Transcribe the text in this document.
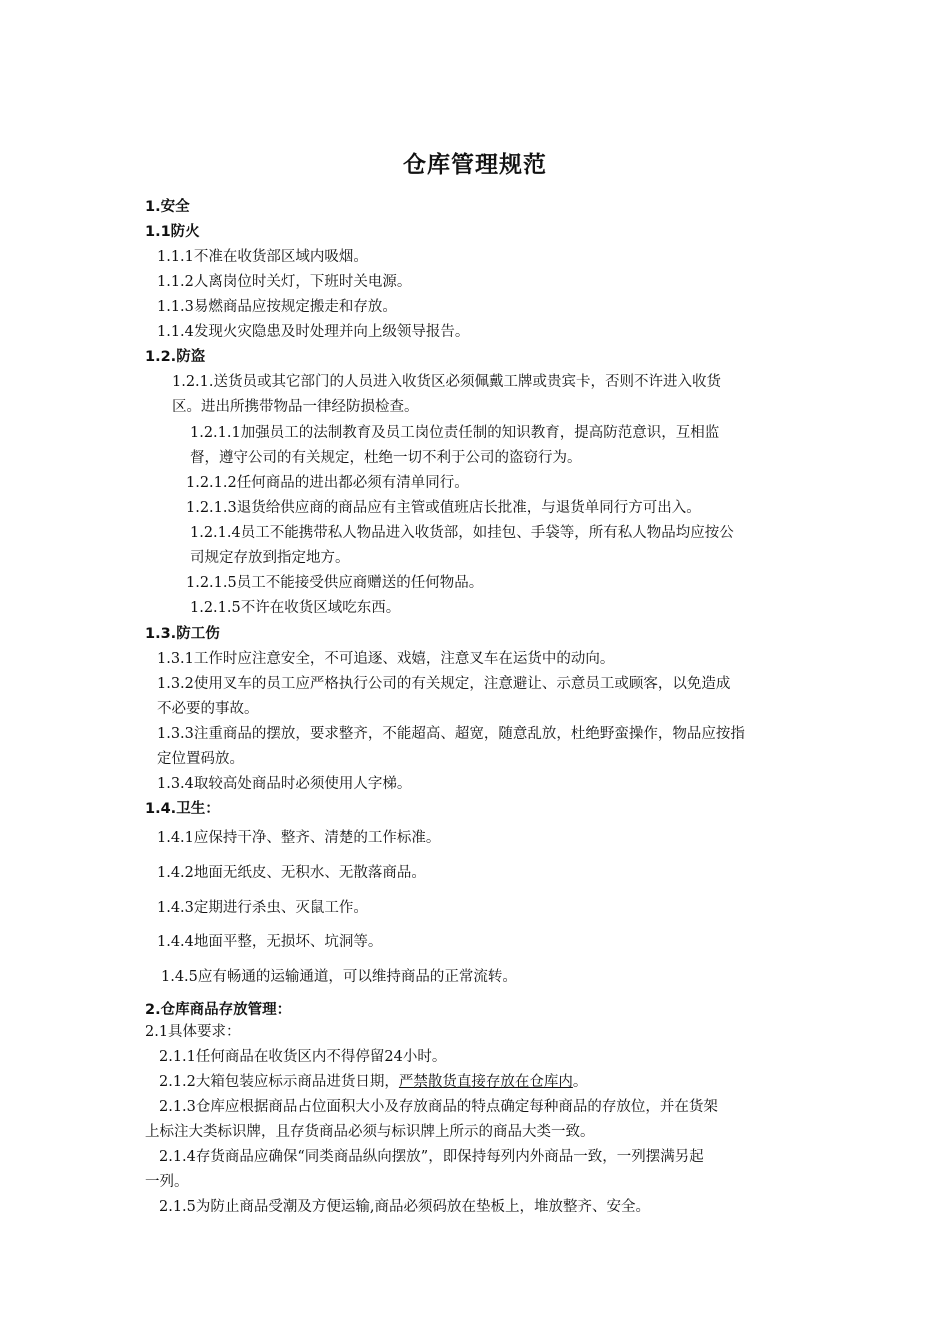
仓库管理规范
1.安全
1.1防火
1.1.1不准在收货部区域内吸烟。
1.1.2人离岗位时关灯，下班时关电源。
1.1.3易燃商品应按规定搬走和存放。
1.1.4发现火灾隐患及时处理并向上级领导报告。
1.2.防盗
1.2.1.送货员或其它部门的人员进入收货区必须佩戴工牌或贵宾卡，否则不许进入收货
区。进出所携带物品一律经防损检查。
1.2.1.1加强员工的法制教育及员工岗位责任制的知识教育，提高防范意识，互相监
督，遵守公司的有关规定，杜绝一切不利于公司的盗窃行为。
1.2.1.2任何商品的进出都必须有清单同行。
1.2.1.3退货给供应商的商品应有主管或值班店长批准，与退货单同行方可出入。
1.2.1.4员工不能携带私人物品进入收货部，如挂包、手袋等，所有私人物品均应按公
司规定存放到指定地方。
1.2.1.5员工不能接受供应商赠送的任何物品。
1.2.1.5不许在收货区域吃东西。
1.3.防工伤
1.3.1工作时应注意安全，不可追逐、戏嬉，注意叉车在运货中的动向。
1.3.2使用叉车的员工应严格执行公司的有关规定，注意避让、示意员工或顾客，以免造成
不必要的事故。
1.3.3注重商品的摆放，要求整齐，不能超高、超宽，随意乱放，杜绝野蛮操作，物品应按指
定位置码放。
1.3.4取较高处商品时必须使用人字梯。
1.4.卫生：
1.4.1应保持干净、整齐、清楚的工作标准。
1.4.2地面无纸皮、无积水、无散落商品。
1.4.3定期进行杀虫、灭鼠工作。
1.4.4地面平整，无损坏、坑洞等。
1.4.5应有畅通的运输通道，可以维持商品的正常流转。
2.仓库商品存放管理：
2.1具体要求：
2.1.1任何商品在收货区内不得停留24小时。
2.1.2大箱包装应标示商品进货日期，严禁散货直接存放在仓库内。
2.1.3仓库应根据商品占位面积大小及存放商品的特点确定每种商品的存放位，并在货架
上标注大类标识牌，且存货商品必须与标识牌上所示的商品大类一致。
2.1.4存货商品应确保“同类商品纵向摆放”，即保持每列内外商品一致，一列摆满另起
一列。
2.1.5为防止商品受潮及方便运输,商品必须码放在垫板上，堆放整齐、安全。
